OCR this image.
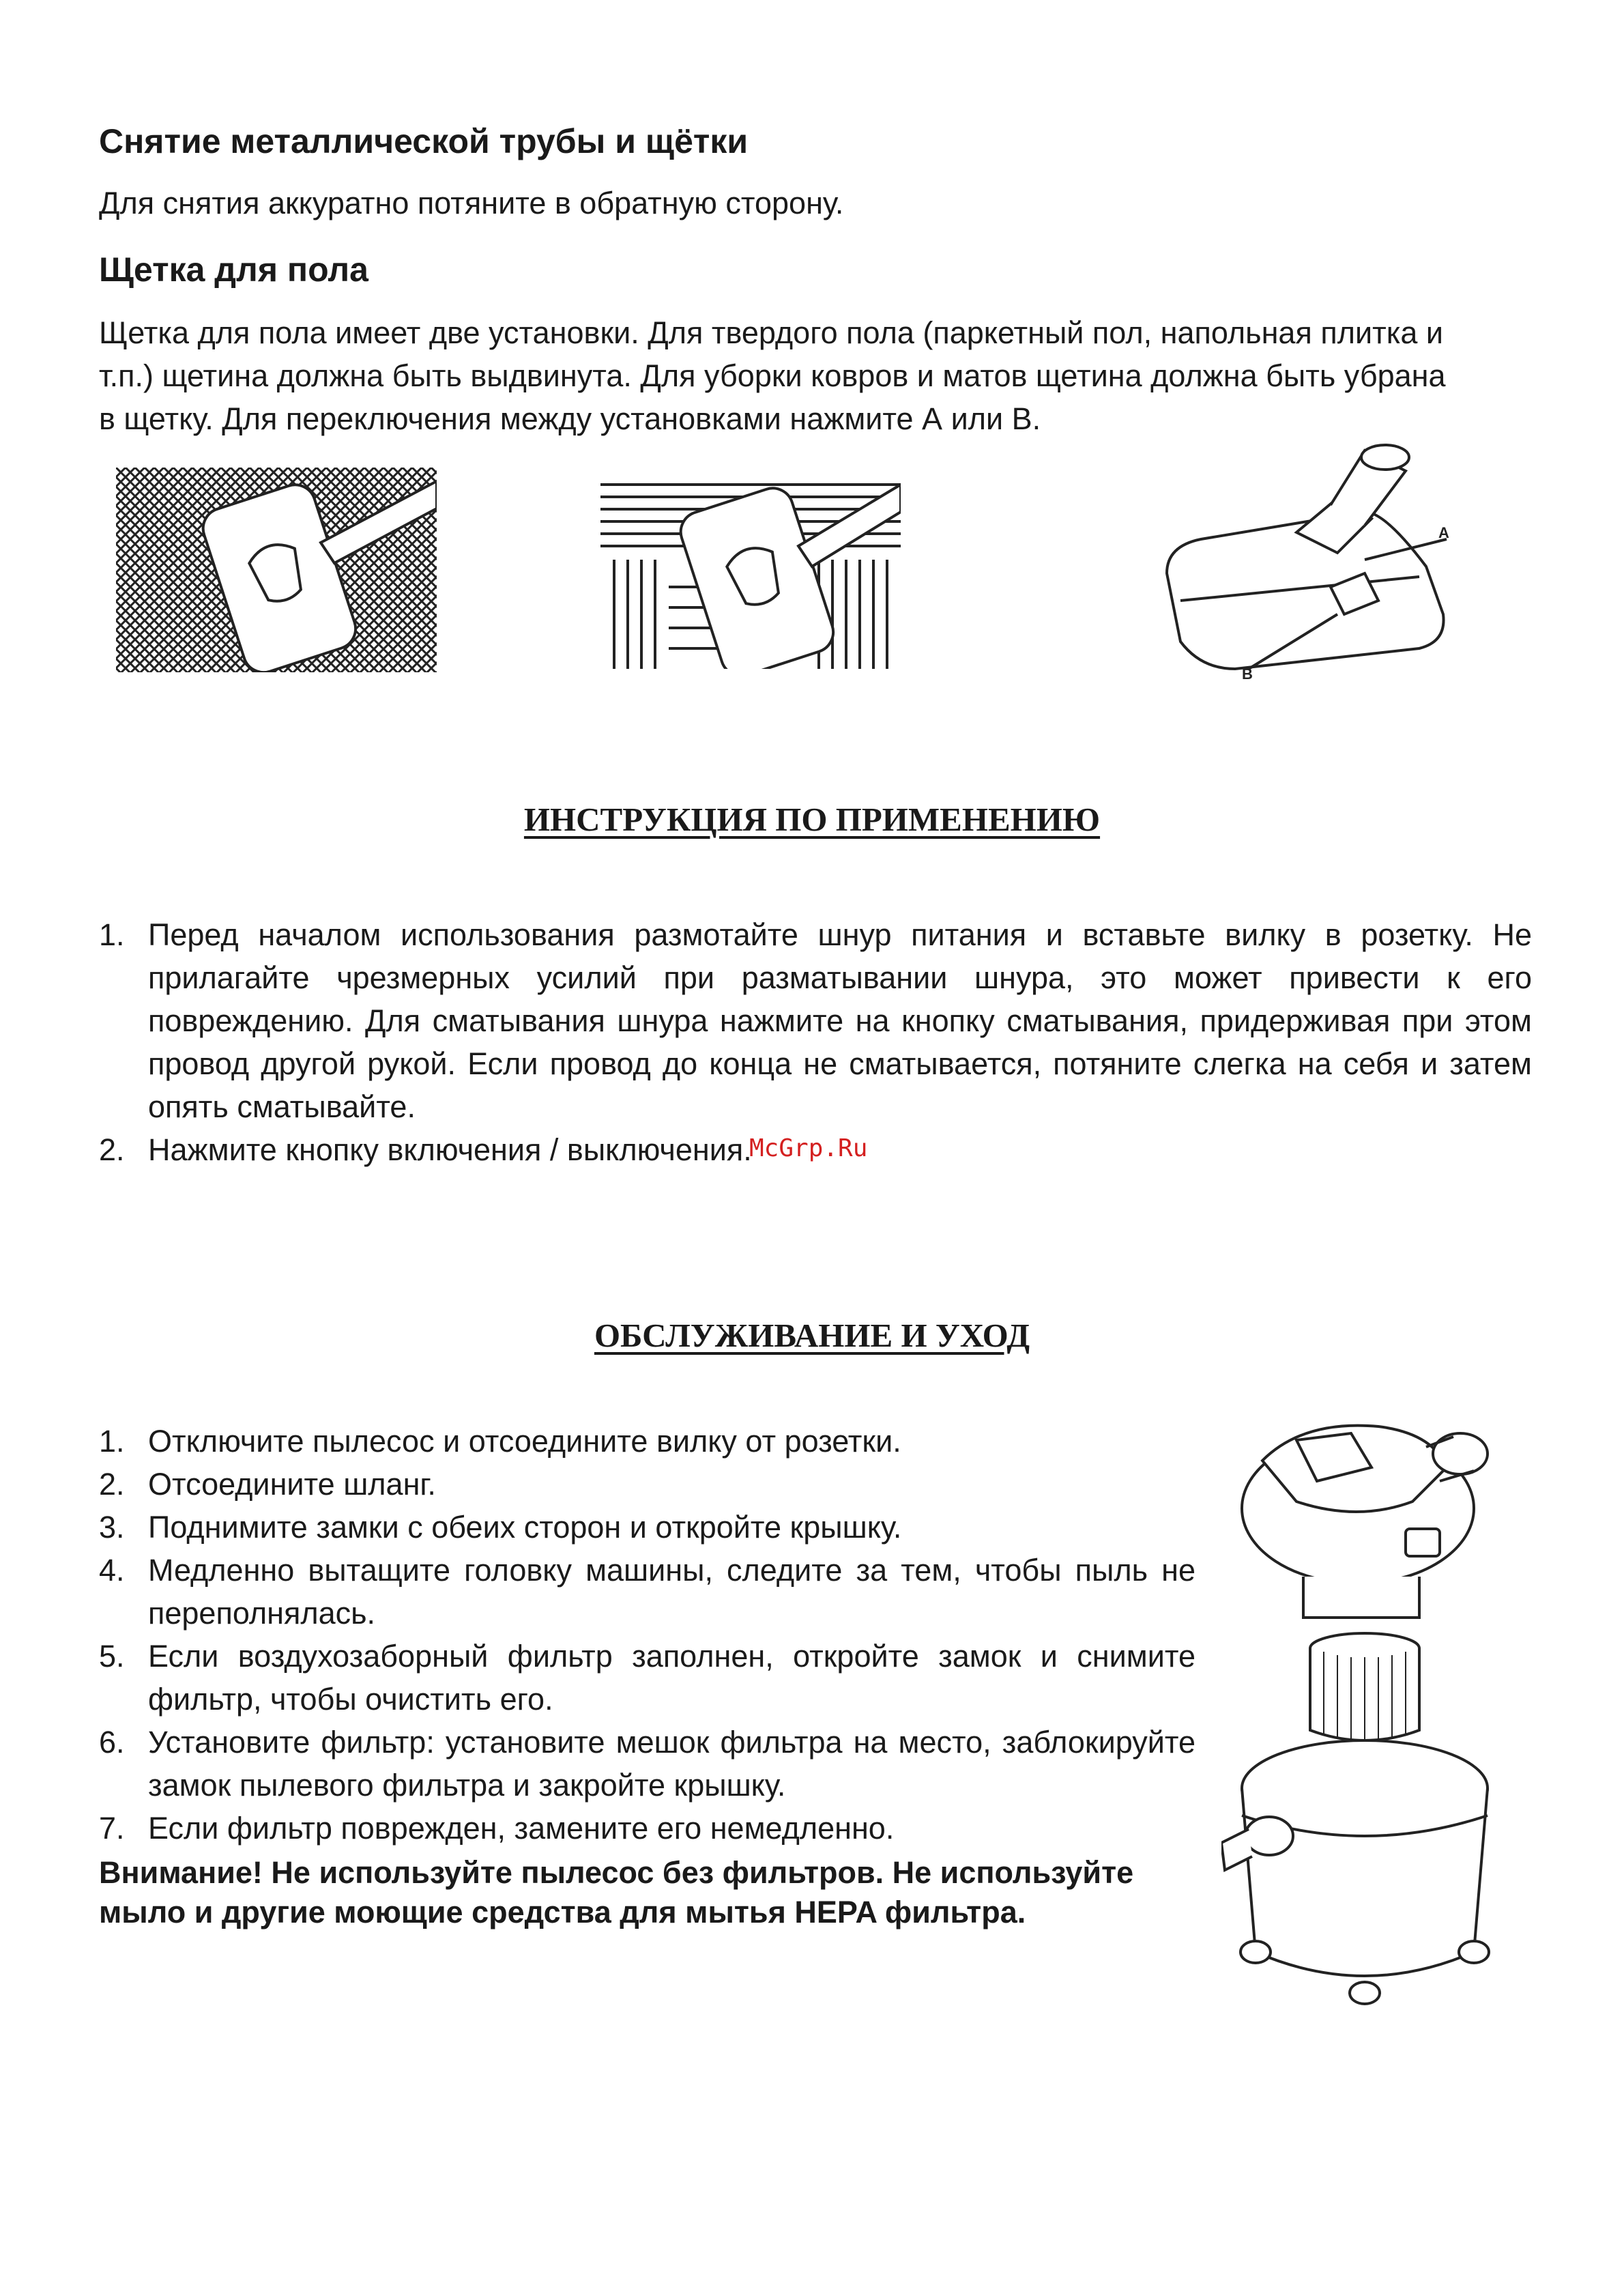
Снятие металлической трубы и щётки
Для снятия аккуратно потяните в обратную сторону.
Щетка для пола
Щетка для пола имеет две установки. Для твердого пола (паркетный пол, напольная плитка и
т.п.) щетина должна быть выдвинута. Для уборки ковров и матов щетина должна быть убрана
в щетку. Для переключения между установками нажмите А или В.
A
B
ИНСТРУКЦИЯ ПО ПРИМЕНЕНИЮ
1. Перед началом использования размотайте шнур питания и вставьте вилку в розетку. Не прилагайте чрезмерных усилий при разматывании шнура, это может привести к его повреждению. Для сматывания шнура нажмите на кнопку сматывания, придерживая при этом провод другой рукой. Если провод до конца не сматывается, потяните слегка на себя и затем опять сматывайте.
2. Нажмите кнопку включения / выключения.
McGrp.Ru
ОБСЛУЖИВАНИЕ И УХОД
1. Отключите пылесос и отсоедините вилку от розетки.
2. Отсоедините шланг.
3. Поднимите замки с обеих сторон и откройте крышку.
4. Медленно вытащите головку машины, следите за тем, чтобы пыль не переполнялась.
5. Если воздухозаборный фильтр заполнен, откройте замок и снимите фильтр, чтобы очистить его.
6. Установите фильтр: установите мешок фильтра на место, заблокируйте замок пылевого фильтра и закройте крышку.
7. Если фильтр поврежден, замените его немедленно.
Внимание! Не используйте пылесос без фильтров. Не используйте мыло и другие моющие средства для мытья HEPA фильтра.
